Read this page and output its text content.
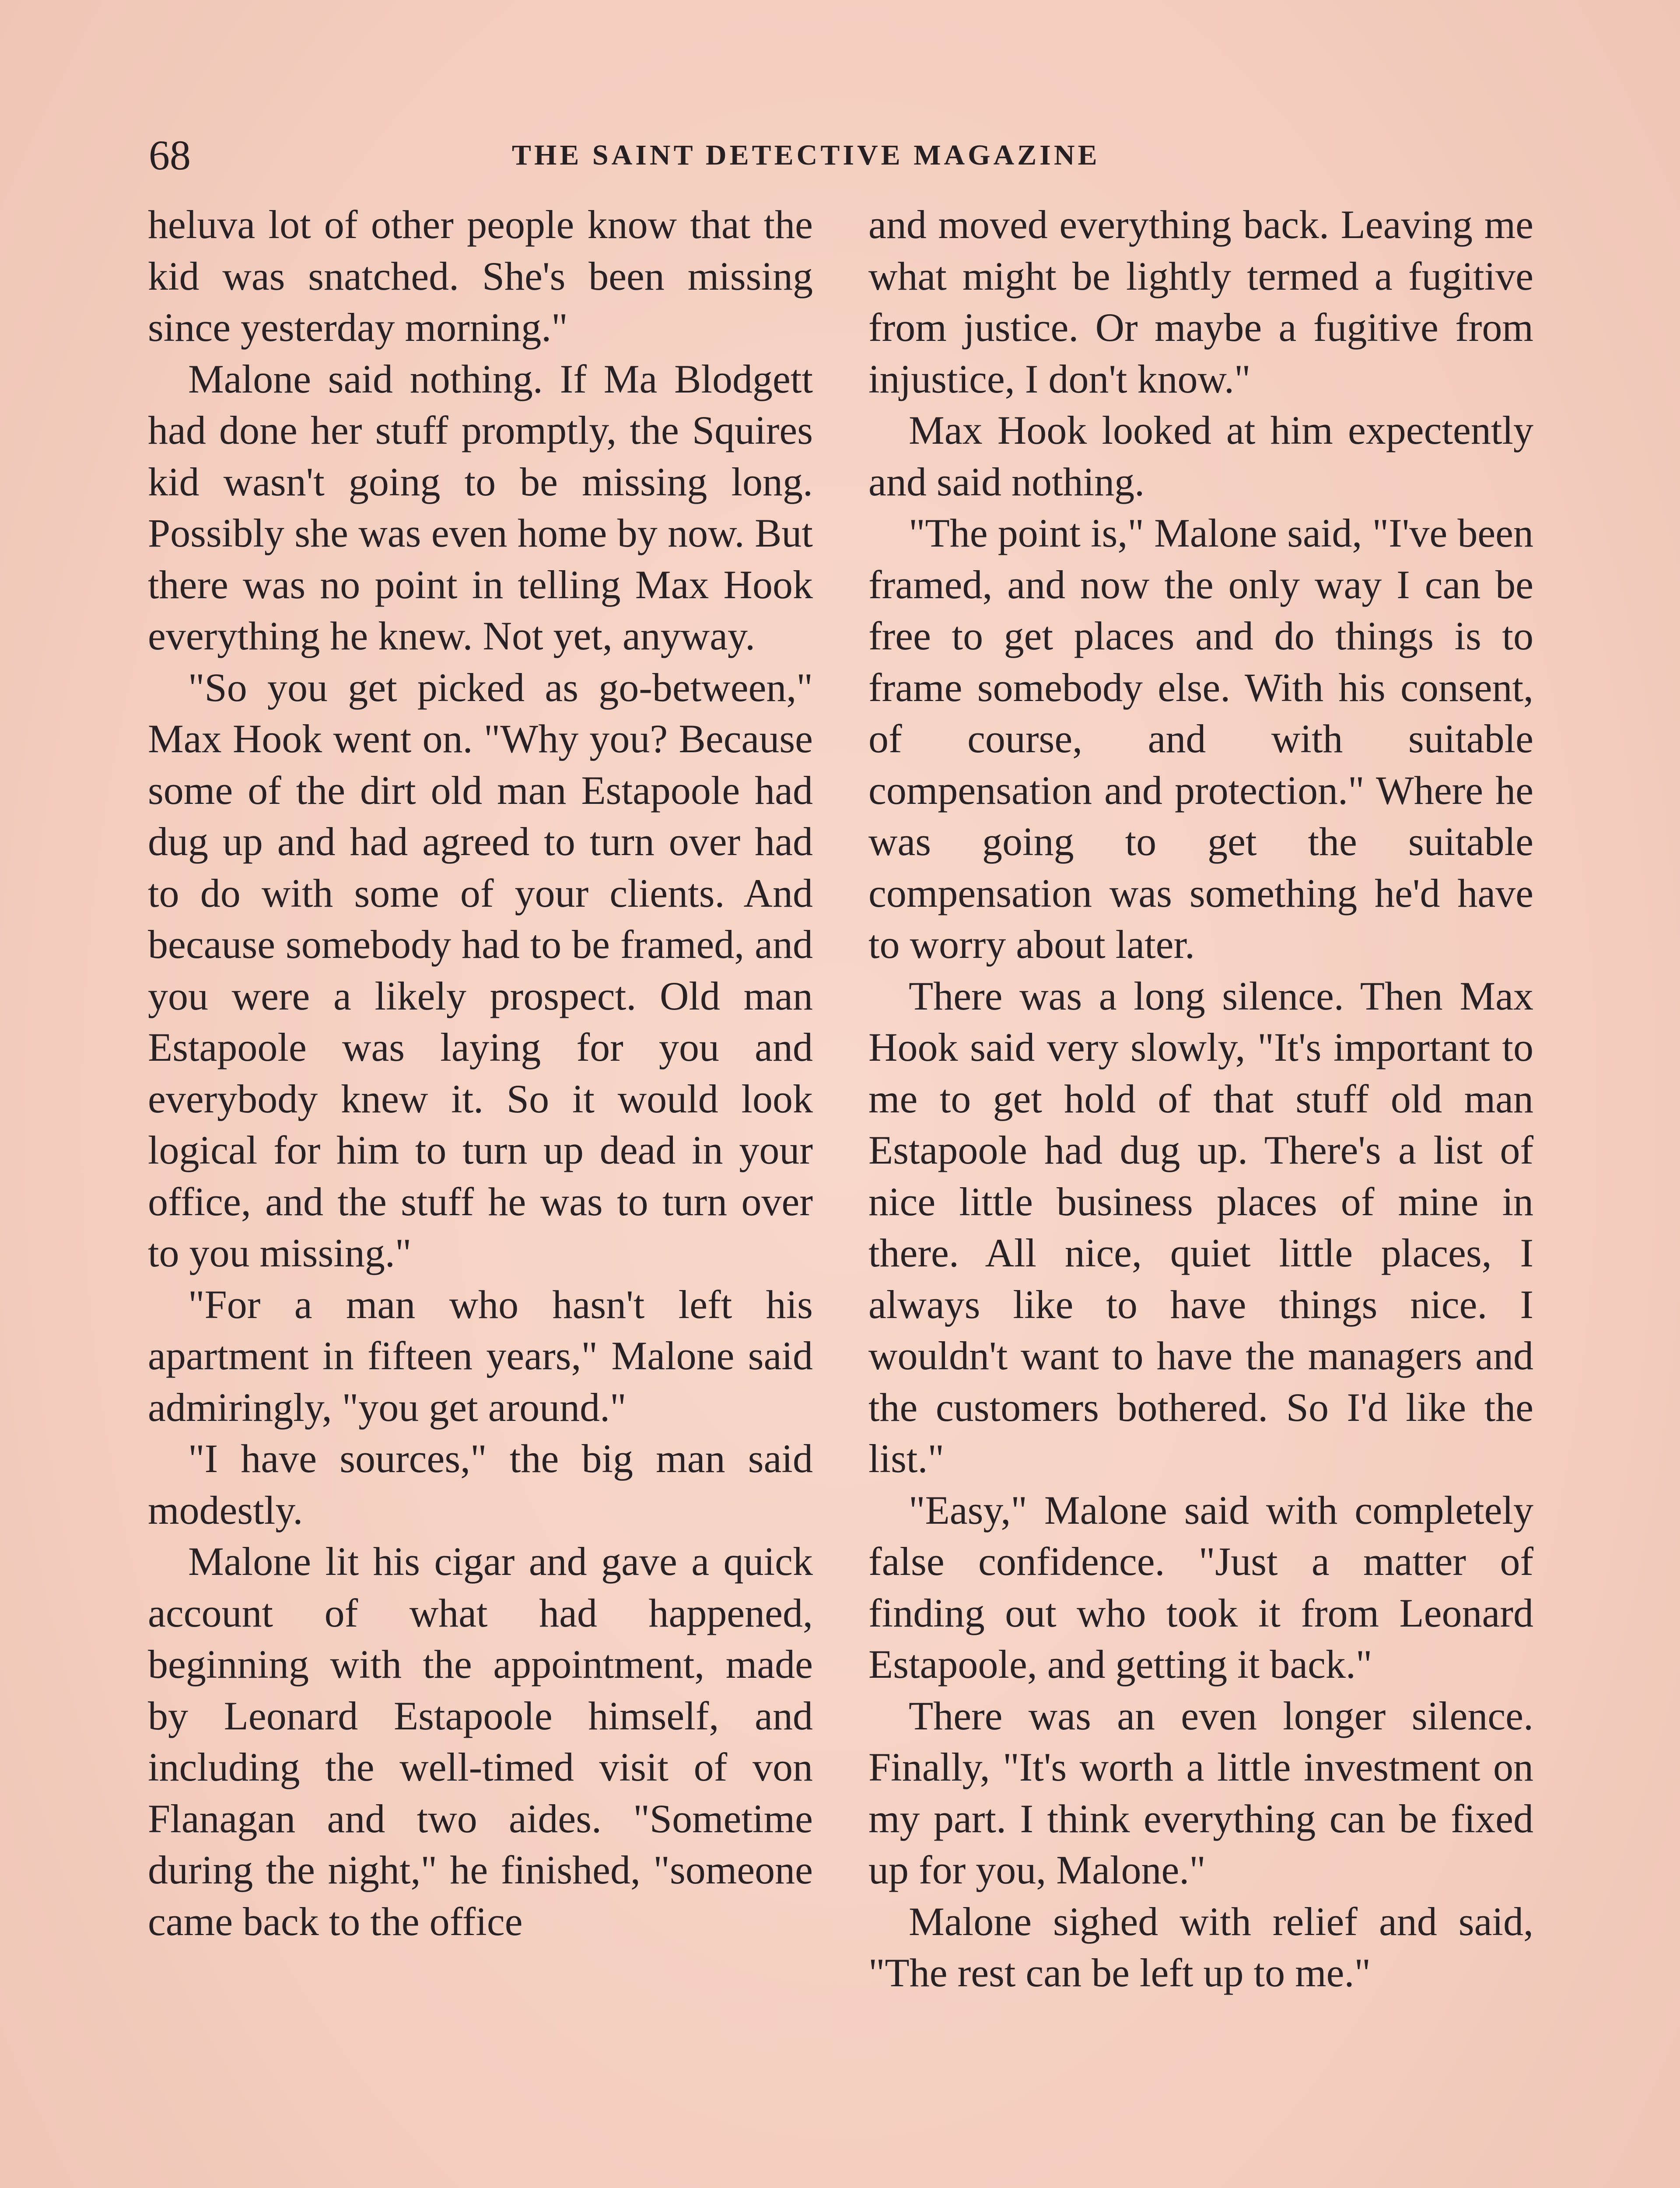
68	THE SAINT DETECTIVE MAGAZINE

heluva lot of other people know that the kid was snatched. She's been missing since yesterday morning."

Malone said nothing. If Ma Blodgett had done her stuff promptly, the Squires kid wasn't going to be missing long. Possibly she was even home by now. But there was no point in telling Max Hook everything he knew. Not yet, anyway.

"So you get picked as go-between," Max Hook went on. "Why you? Because some of the dirt old man Estapoole had dug up and had agreed to turn over had to do with some of your clients. And because somebody had to be framed, and you were a likely prospect. Old man Estapoole was laying for you and everybody knew it. So it would look logical for him to turn up dead in your office, and the stuff he was to turn over to you missing."

"For a man who hasn't left his apartment in fifteen years," Malone said admiringly, "you get around."

"I have sources," the big man said modestly.

Malone lit his cigar and gave a quick account of what had happened, beginning with the appointment, made by Leonard Estapoole himself, and including the well-timed visit of von Flanagan and two aides. "Sometime during the night," he finished, "someone came back to the office

and moved everything back. Leaving me what might be lightly termed a fugitive from justice. Or maybe a fugitive from injustice, I don't know."

Max Hook looked at him expectently and said nothing.

"The point is," Malone said, "I've been framed, and now the only way I can be free to get places and do things is to frame somebody else. With his consent, of course, and with suitable compensation and protection." Where he was going to get the suitable compensation was something he'd have to worry about later.

There was a long silence. Then Max Hook said very slowly, "It's important to me to get hold of that stuff old man Estapoole had dug up. There's a list of nice little business places of mine in there. All nice, quiet little places, I always like to have things nice. I wouldn't want to have the managers and the customers bothered. So I'd like the list."

"Easy," Malone said with completely false confidence. "Just a matter of finding out who took it from Leonard Estapoole, and getting it back."

There was an even longer silence. Finally, "It's worth a little investment on my part. I think everything can be fixed up for you, Malone."

Malone sighed with relief and said, "The rest can be left up to me."
